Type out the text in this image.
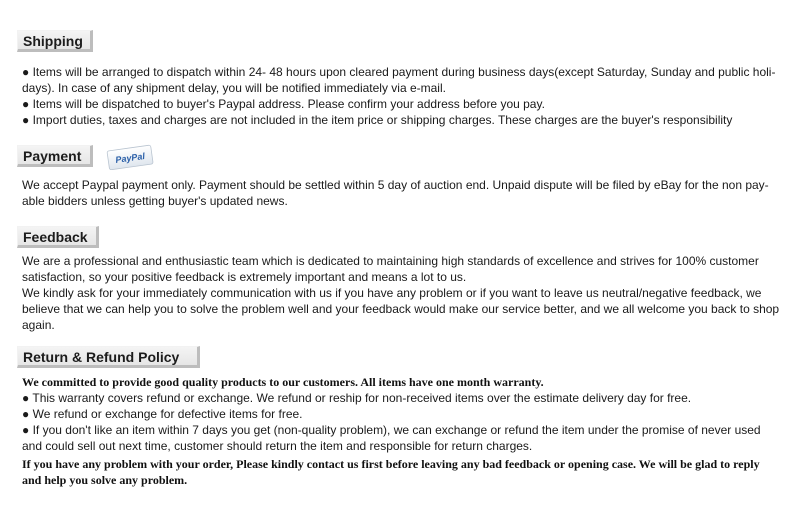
Shipping

● Items will be arranged to dispatch within 24- 48 hours upon cleared payment during business days(except Saturday, Sunday and public holi-days). In case of any shipment delay, you will be notified immediately via e-mail.

● Items will be dispatched to buyer's Paypal address. Please confirm your address before you pay.

● Import duties, taxes and charges are not included in the item price or shipping charges. These charges are the buyer's responsibility

Payment	PayPal

We accept Paypal payment only. Payment should be settled within 5 day of auction end. Unpaid dispute will be filed by eBay for the non pay-able bidders unless getting buyer's updated news.

Feedback

We are a professional and enthusiastic team which is dedicated to maintaining high standards of excellence and strives for 100% customer satisfaction, so your positive feedback is extremely important and means a lot to us.

We kindly ask for your immediately communication with us if you have any problem or if you want to leave us neutral/negative feedback, we believe that we can help you to solve the problem well and your feedback would make our service better, and we all welcome you back to shop again.

Return & Refund Policy

We committed to provide good quality products to our customers. All items have one month warranty.

● This warranty covers refund or exchange. We refund or reship for non-received items over the estimate delivery day for free.

● We refund or exchange for defective items for free.

● If you don't like an item within 7 days you get (non-quality problem), we can exchange or refund the item under the promise of never used and could sell out next time, customer should return the item and responsible for return charges.

If you have any problem with your order, Please kindly contact us first before leaving any bad feedback or opening case. We will be glad to reply and help you solve any problem.
